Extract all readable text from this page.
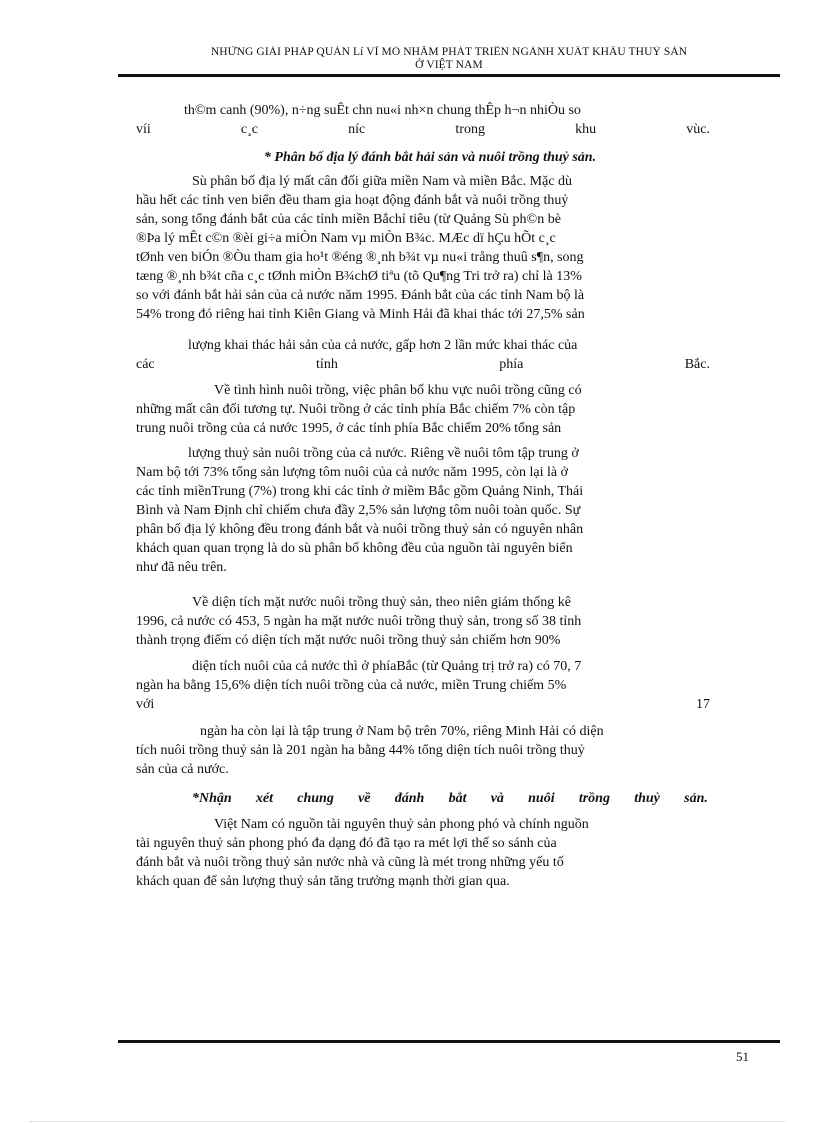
NHỮNG GIẢI PHÁP QUẢN Lí VĨ MÔ NHẰM PHÁT TRIỂN NGÀNH XUẤT KHẨU THUỶ SẢN
Ở VIỆT NAM
th©m canh (90%), n÷ng suÊt chn nu«i nh×n chung thÊp h¬n nhiÒu so
víi	c¸c	níc	trong	khu	vùc.
* Phân bố địa lý đánh bắt hải sản và nuôi trồng thuỷ sản.
Sù phân bố địa lý mất cân đối giữa miền Nam và miền Bắc. Mặc dù
hầu hết các tỉnh ven biển đều tham gia hoạt động đánh bắt và nuôi trồng thuỷ
sản, song tổng đánh bắt của các tỉnh miền Bắchỉ tiêu (từ Quảng Sù ph©n bè
®Þa lý mÊt c©n ®èi gi÷a miÒn Nam vµ miÒn B¾c. MÆc dï hÇu hÕt c¸c
tØnh ven biÓn ®Òu tham gia ho¹t ®éng ®¸nh b¾t vµ nu«i trång thuû s¶n, song
tæng ®¸nh b¾t cña c¸c tØnh miÒn B¾chØ tiªu (tõ Qu¶ng Tri trở ra) chỉ là 13%
so với đánh bắt hải sản của cả nước năm 1995. Đánh bắt của các tỉnh Nam bộ là
54% trong đó riêng hai tỉnh Kiên Giang và Minh Hải đã khai thác tới 27,5% sản
lượng khai thác hải sản của cả nước, gấp hơn 2 lần mức khai thác của
các	tỉnh	phía	Bắc.
Về tình hình nuôi trồng, việc phân bố khu vực nuôi trồng cũng có
những mất cân đối tương tự. Nuôi trồng ở các tỉnh phía Bắc chiếm 7% còn tập
trung nuôi trồng của cả nước 1995, ở các tỉnh phía Bắc chiếm 20% tổng sản
lượng thuỷ sản nuôi trồng của cả nước. Riêng về nuôi tôm tập trung ở
Nam bộ tới 73% tổng sản lượng tôm nuôi của cả nước năm 1995, còn lại là ở
các tỉnh miềnTrung (7%) trong khi các tỉnh ở miềm Bắc gồm Quảng Ninh, Thái
Bình và Nam Định chỉ chiếm chưa đầy 2,5% sản lượng tôm nuôi toàn quốc. Sự
phân bố địa lý không đều trong đánh bắt và nuôi trồng thuỷ sản có nguyên nhân
khách quan quan trọng là do sù phân bố không đều của nguồn tài nguyên biển
như đã nêu trên.
Về diện tích mặt nước nuôi trồng thuỷ sản, theo niên giám thống kê
1996, cả nước có 453, 5 ngàn ha mặt nước nuôi trồng thuỷ sản, trong số 38 tỉnh
thành trọng điểm có diện tích mặt nước nuôi trồng thuỷ sản chiếm hơn 90%
diện tích nuôi của cả nước thì ở phíaBắc (từ Quảng trị trở ra) có 70, 7
ngàn ha bằng 15,6% diện tích nuôi trồng của cả nước, miền Trung chiếm 5%
với	17
ngàn ha còn lại là tập trung ở Nam bộ trên 70%, riêng Minh Hải có diện
tích nuôi trồng thuỷ sản là 201 ngàn ha bằng 44% tổng diện tích nuôi trồng thuỷ
sản của cả nước.
*Nhận xét chung về đánh bắt và nuôi trồng thuỷ sản.
Việt Nam có nguồn tài nguyên thuỷ sản phong phó và chính nguồn
tài nguyên thuỷ sản phong phó đa dạng đó đã tạo ra mét lợi thế so sánh của
đánh bắt và nuôi trồng thuỷ sản nước nhà và cũng là mét trong những yếu tố
khách quan để sản lượng thuỷ sản tăng trưởng mạnh thời gian qua.
51
